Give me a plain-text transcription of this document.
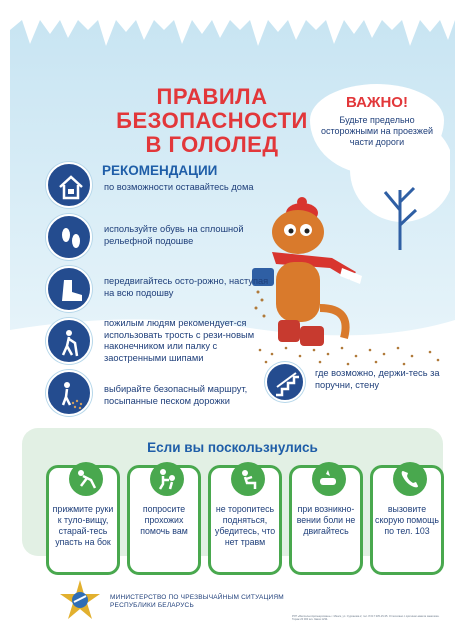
ПРАВИЛА
БЕЗОПАСНОСТИ
В ГОЛОЛЕД
ВАЖНО!
Будьте предельно осторожными на проезжей части дороги
РЕКОМЕНДАЦИИ
по возможности оставайтесь дома
используйте обувь на сплошной рельефной подошве
передвигайтесь осто-рожно, наступая на всю подошву
пожилым людям рекомендует-ся использовать трость с рези-новым наконечником или палку с заостренными шипами
выбирайте безопасный маршрут, посыпанные песком дорожки
где возможно, держи-тесь за поручни, стену
Если вы поскользнулись
прижмите руки к туло-вищу, старай-тесь упасть на бок
попросите прохожих помочь вам
не торопитесь подняться, убедитесь, что нет травм
при возникно-вении боли не двигайтесь
вызовите скорую помощь по тел. 103
МИНИСТЕРСТВО ПО ЧРЕЗВЫЧАЙНЫМ СИТУАЦИЯМ
РЕСПУБЛИКИ БЕЛАРУСЬ
РУП «Белсельгипроэнергомаш» г. Минск, ул. Сурганова 2, тел. 8 017 335-15-35. Отпечатано с оригинал-макета заказчика. Тираж 20 000 экз. Заказ 1234.
